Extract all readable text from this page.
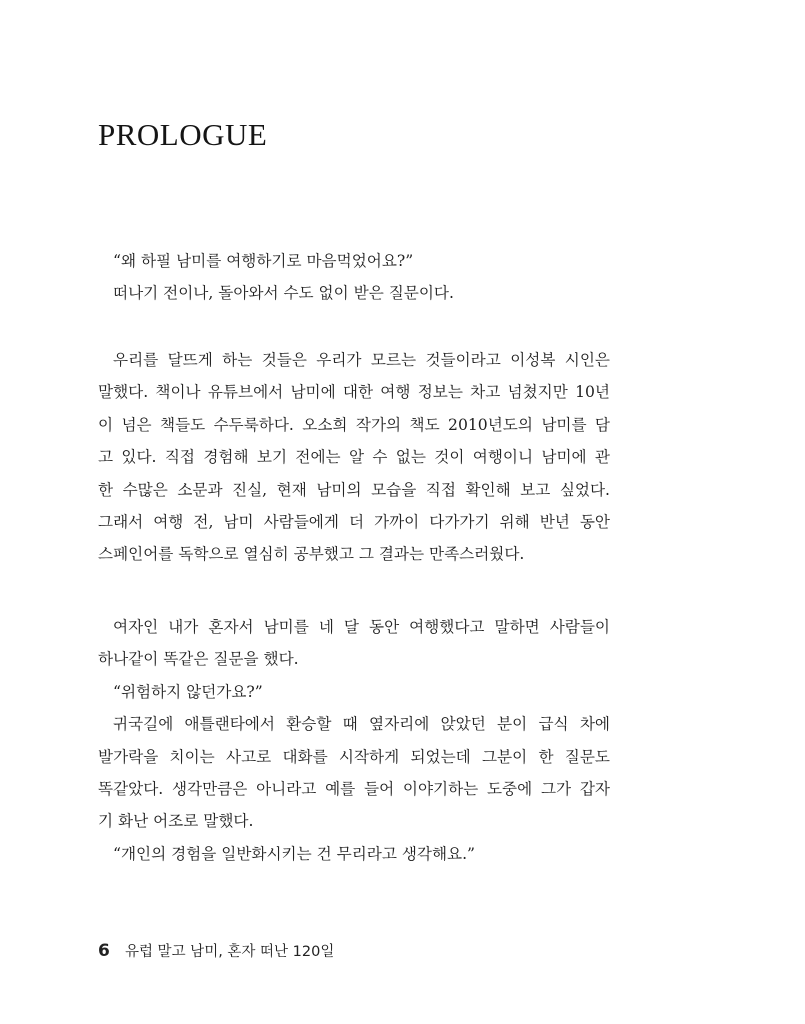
PROLOGUE
“왜 하필 남미를 여행하기로 마음먹었어요?”
떠나기 전이나, 돌아와서 수도 없이 받은 질문이다.
우리를 달뜨게 하는 것들은 우리가 모르는 것들이라고 이성복 시인은
말했다. 책이나 유튜브에서 남미에 대한 여행 정보는 차고 넘쳤지만 10년
이 넘은 책들도 수두룩하다. 오소희 작가의 책도 2010년도의 남미를 담
고 있다. 직접 경험해 보기 전에는 알 수 없는 것이 여행이니 남미에 관
한 수많은 소문과 진실, 현재 남미의 모습을 직접 확인해 보고 싶었다.
그래서 여행 전, 남미 사람들에게 더 가까이 다가가기 위해 반년 동안
스페인어를 독학으로 열심히 공부했고 그 결과는 만족스러웠다.
여자인 내가 혼자서 남미를 네 달 동안 여행했다고 말하면 사람들이
하나같이 똑같은 질문을 했다.
“위험하지 않던가요?”
귀국길에 애틀랜타에서 환승할 때 옆자리에 앉았던 분이 급식 차에
발가락을 치이는 사고로 대화를 시작하게 되었는데 그분이 한 질문도
똑같았다. 생각만큼은 아니라고 예를 들어 이야기하는 도중에 그가 갑자
기 화난 어조로 말했다.
“개인의 경험을 일반화시키는 건 무리라고 생각해요.”
6 유럽 말고 남미, 혼자 떠난 120일
